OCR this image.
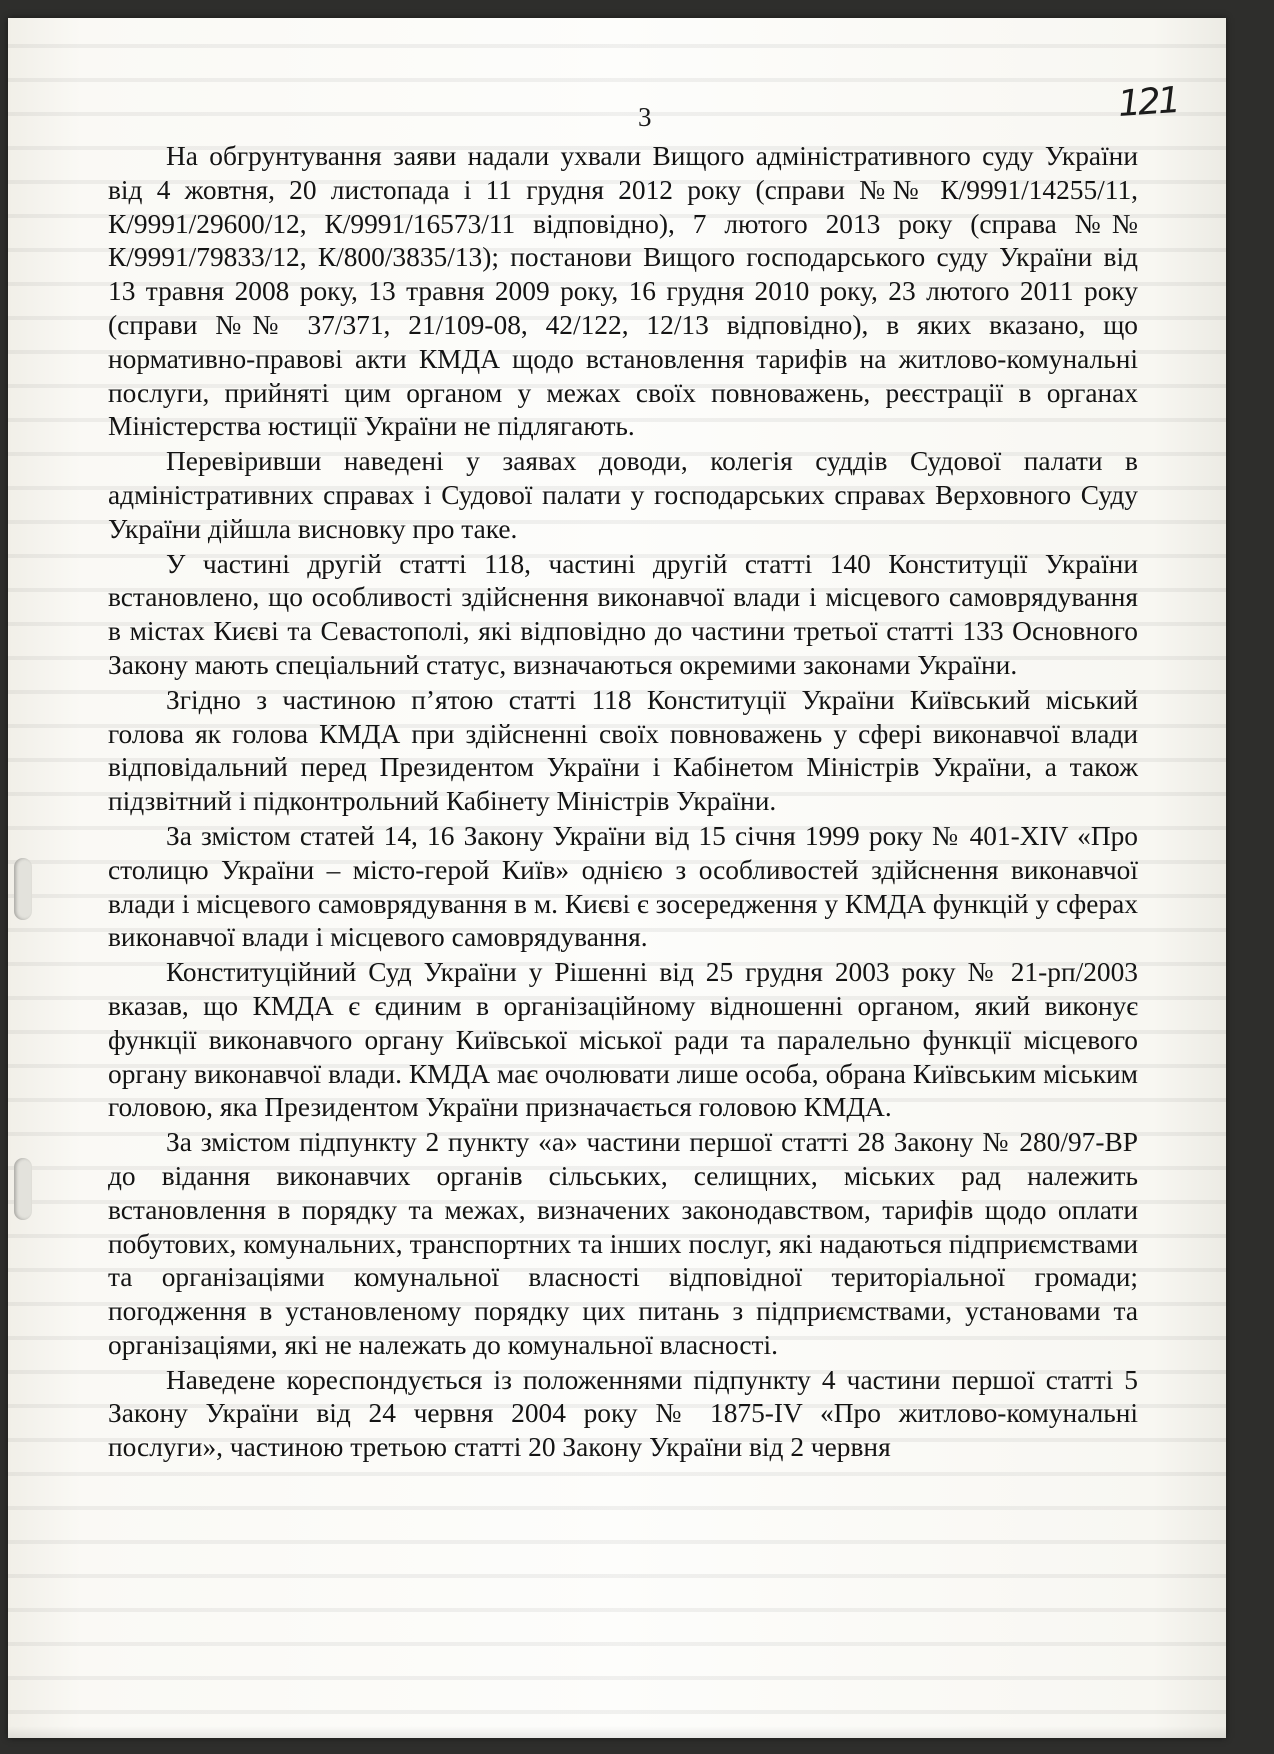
121
3

На обгрунтування заяви надали ухвали Вищого адміністративного суду України від 4 жовтня, 20 листопада і 11 грудня 2012 року (справи №№ К/9991/14255/11, К/9991/29600/12, К/9991/16573/11 відповідно), 7 лютого 2013 року (справа №№ К/9991/79833/12, К/800/3835/13); постанови Вищого господарського суду України від 13 травня 2008 року, 13 травня 2009 року, 16 грудня 2010 року, 23 лютого 2011 року (справи №№ 37/371, 21/109-08, 42/122, 12/13 відповідно), в яких вказано, що нормативно-правові акти КМДА щодо встановлення тарифів на житлово-комунальні послуги, прийняті цим органом у межах своїх повноважень, реєстрації в органах Міністерства юстиції України не підлягають.

Перевіривши наведені у заявах доводи, колегія суддів Судової палати в адміністративних справах і Судової палати у господарських справах Верховного Суду України дійшла висновку про таке.

У частині другій статті 118, частині другій статті 140 Конституції України встановлено, що особливості здійснення виконавчої влади і місцевого самоврядування в містах Києві та Севастополі, які відповідно до частини третьої статті 133 Основного Закону мають спеціальний статус, визначаються окремими законами України.

Згідно з частиною п’ятою статті 118 Конституції України Київський міський голова як голова КМДА при здійсненні своїх повноважень у сфері виконавчої влади відповідальний перед Президентом України і Кабінетом Міністрів України, а також підзвітний і підконтрольний Кабінету Міністрів України.

За змістом статей 14, 16 Закону України від 15 січня 1999 року № 401-XIV «Про столицю України – місто-герой Київ» однією з особливостей здійснення виконавчої влади і місцевого самоврядування в м. Києві є зосередження у КМДА функцій у сферах виконавчої влади і місцевого самоврядування.

Конституційний Суд України у Рішенні від 25 грудня 2003 року № 21-рп/2003 вказав, що КМДА є єдиним в організаційному відношенні органом, який виконує функції виконавчого органу Київської міської ради та паралельно функції місцевого органу виконавчої влади. КМДА має очолювати лише особа, обрана Київським міським головою, яка Президентом України призначається головою КМДА.

За змістом підпункту 2 пункту «а» частини першої статті 28 Закону № 280/97-ВР до відання виконавчих органів сільських, селищних, міських рад належить встановлення в порядку та межах, визначених законодавством, тарифів щодо оплати побутових, комунальних, транспортних та інших послуг, які надаються підприємствами та організаціями комунальної власності відповідної територіальної громади; погодження в установленому порядку цих питань з підприємствами, установами та організаціями, які не належать до комунальної власності.

Наведене кореспондується із положеннями підпункту 4 частини першої статті 5 Закону України від 24 червня 2004 року № 1875-IV «Про житлово-комунальні послуги», частиною третьою статті 20 Закону України від 2 червня
